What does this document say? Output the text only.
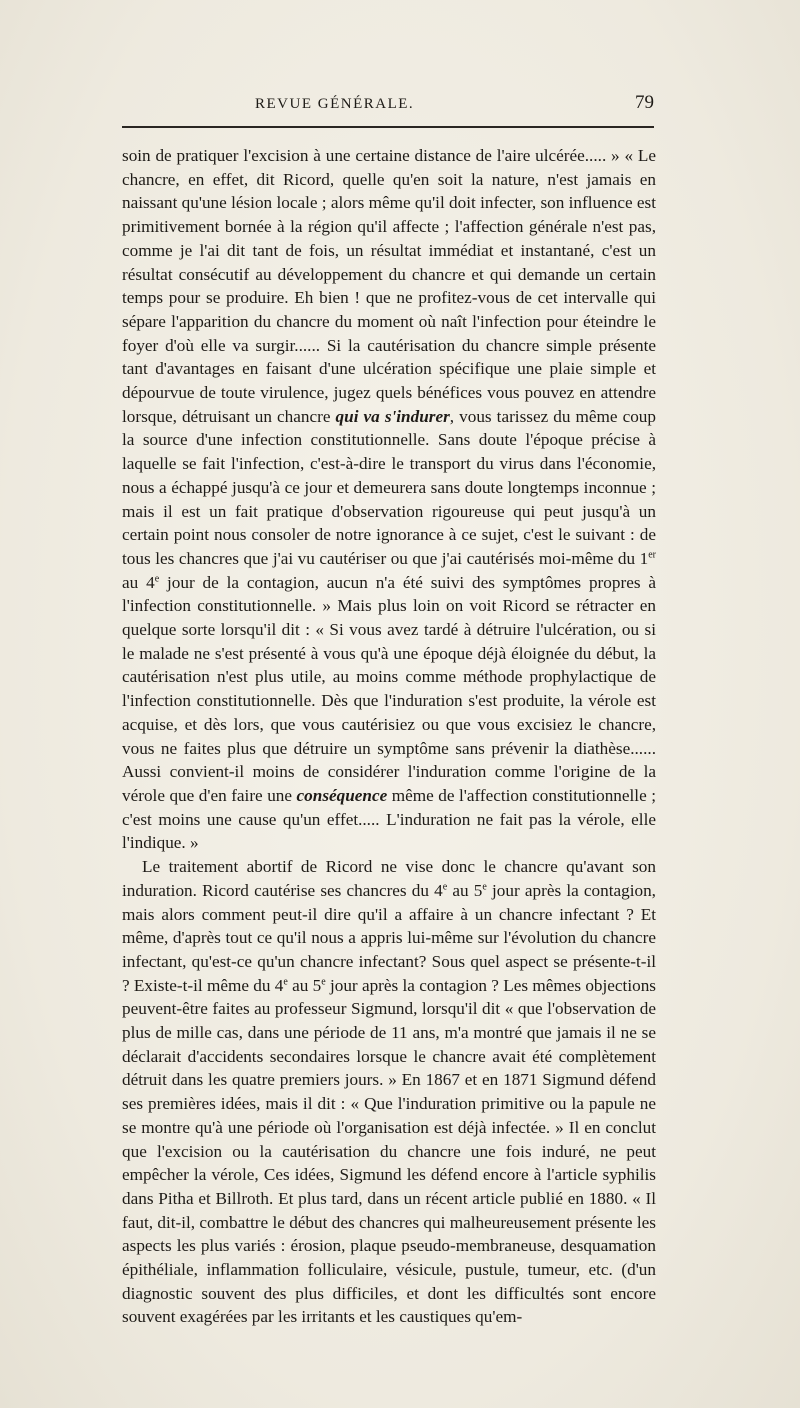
REVUE GÉNÉRALE.	79

soin de pratiquer l'excision à une certaine distance de l'aire ulcérée..... » « Le chancre, en effet, dit Ricord, quelle qu'en soit la nature, n'est jamais en naissant qu'une lésion locale ; alors même qu'il doit infecter, son influence est primitivement bornée à la région qu'il affecte ; l'affection générale n'est pas, comme je l'ai dit tant de fois, un résultat immédiat et instantané, c'est un résultat consécutif au développement du chancre et qui demande un certain temps pour se produire. Eh bien ! que ne profitez-vous de cet intervalle qui sépare l'apparition du chancre du moment où naît l'infection pour éteindre le foyer d'où elle va surgir...... Si la cautérisation du chancre simple présente tant d'avantages en faisant d'une ulcération spécifique une plaie simple et dépourvue de toute virulence, jugez quels bénéfices vous pouvez en attendre lorsque, détruisant un chancre qui va s'indurer, vous tarissez du même coup la source d'une infection constitutionnelle. Sans doute l'époque précise à laquelle se fait l'infection, c'est-à-dire le transport du virus dans l'économie, nous a échappé jusqu'à ce jour et demeurera sans doute longtemps inconnue ; mais il est un fait pratique d'observation rigoureuse qui peut jusqu'à un certain point nous consoler de notre ignorance à ce sujet, c'est le suivant : de tous les chancres que j'ai vu cautériser ou que j'ai cautérisés moi-même du 1er au 4e jour de la contagion, aucun n'a été suivi des symptômes propres à l'infection constitutionnelle. » Mais plus loin on voit Ricord se rétracter en quelque sorte lorsqu'il dit : « Si vous avez tardé à détruire l'ulcération, ou si le malade ne s'est présenté à vous qu'à une époque déjà éloignée du début, la cautérisation n'est plus utile, au moins comme méthode prophylactique de l'infection constitutionnelle. Dès que l'induration s'est produite, la vérole est acquise, et dès lors, que vous cautérisiez ou que vous excisiez le chancre, vous ne faites plus que détruire un symptôme sans prévenir la diathèse...... Aussi convient-il moins de considérer l'induration comme l'origine de la vérole que d'en faire une conséquence même de l'affection constitutionnelle ; c'est moins une cause qu'un effet..... L'induration ne fait pas la vérole, elle l'indique. »

Le traitement abortif de Ricord ne vise donc le chancre qu'avant son induration. Ricord cautérise ses chancres du 4e au 5e jour après la contagion, mais alors comment peut-il dire qu'il a affaire à un chancre infectant ? Et même, d'après tout ce qu'il nous a appris lui-même sur l'évolution du chancre infectant, qu'est-ce qu'un chancre infectant? Sous quel aspect se présente-t-il ? Existe-t-il même du 4e au 5e jour après la contagion ? Les mêmes objections peuvent-être faites au professeur Sigmund, lorsqu'il dit « que l'observation de plus de mille cas, dans une période de 11 ans, m'a montré que jamais il ne se déclarait d'accidents secondaires lorsque le chancre avait été complètement détruit dans les quatre premiers jours. » En 1867 et en 1871 Sigmund défend ses premières idées, mais il dit : « Que l'induration primitive ou la papule ne se montre qu'à une période où l'organisation est déjà infectée. » Il en conclut que l'excision ou la cautérisation du chancre une fois induré, ne peut empêcher la vérole, Ces idées, Sigmund les défend encore à l'article syphilis dans Pitha et Billroth. Et plus tard, dans un récent article publié en 1880. « Il faut, dit-il, combattre le début des chancres qui malheureusement présente les aspects les plus variés : érosion, plaque pseudo-membraneuse, desquamation épithéliale, inflammation folliculaire, vésicule, pustule, tumeur, etc. (d'un diagnostic souvent des plus difficiles, et dont les difficultés sont encore souvent exagérées par les irritants et les caustiques qu'em-
